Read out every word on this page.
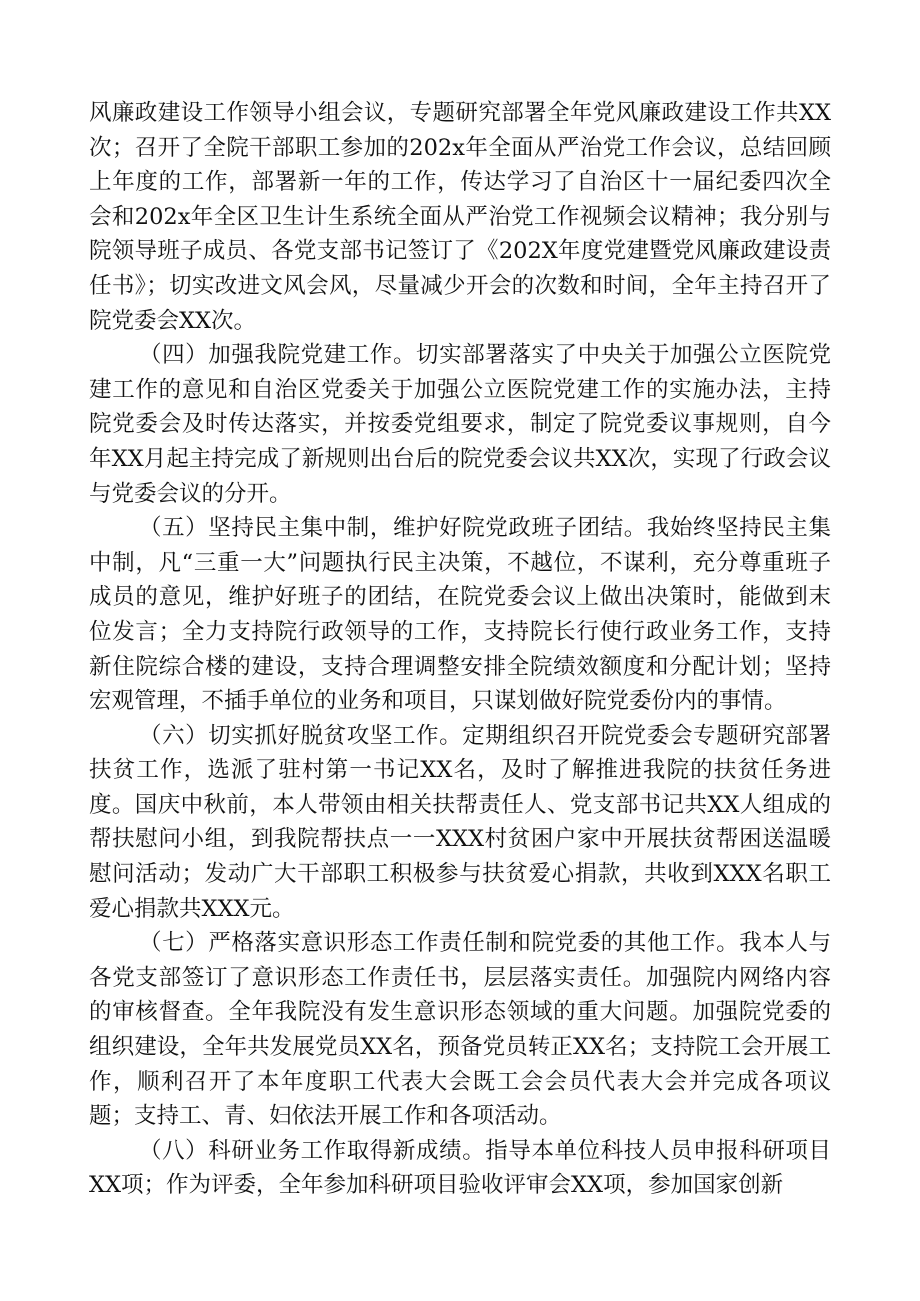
风廉政建设工作领导小组会议，专题研究部署全年党风廉政建设工作共XX次；召开了全院干部职工参加的202x年全面从严治党工作会议，总结回顾上年度的工作，部署新一年的工作，传达学习了自治区十一届纪委四次全会和202x年全区卫生计生系统全面从严治党工作视频会议精神；我分别与院领导班子成员、各党支部书记签订了《202X年度党建暨党风廉政建设责任书》；切实改进文风会风，尽量减少开会的次数和时间，全年主持召开了院党委会XX次。

（四）加强我院党建工作。切实部署落实了中央关于加强公立医院党建工作的意见和自治区党委关于加强公立医院党建工作的实施办法，主持院党委会及时传达落实，并按委党组要求，制定了院党委议事规则，自今年XX月起主持完成了新规则出台后的院党委会议共XX次，实现了行政会议与党委会议的分开。

（五）坚持民主集中制，维护好院党政班子团结。我始终坚持民主集中制，凡“三重一大”问题执行民主决策，不越位，不谋利，充分尊重班子成员的意见，维护好班子的团结，在院党委会议上做出决策时，能做到末位发言；全力支持院行政领导的工作，支持院长行使行政业务工作，支持新住院综合楼的建设，支持合理调整安排全院绩效额度和分配计划；坚持宏观管理，不插手单位的业务和项目，只谋划做好院党委份内的事情。

（六）切实抓好脱贫攻坚工作。定期组织召开院党委会专题研究部署扶贫工作，选派了驻村第一书记XX名，及时了解推进我院的扶贫任务进度。国庆中秋前，本人带领由相关扶帮责任人、党支部书记共XX人组成的帮扶慰问小组，到我院帮扶点一一XXX村贫困户家中开展扶贫帮困送温暖慰问活动；发动广大干部职工积极参与扶贫爱心捐款，共收到XXX名职工爱心捐款共XXX元。

（七）严格落实意识形态工作责任制和院党委的其他工作。我本人与各党支部签订了意识形态工作责任书，层层落实责任。加强院内网络内容的审核督查。全年我院没有发生意识形态领域的重大问题。加强院党委的组织建设，全年共发展党员XX名，预备党员转正XX名；支持院工会开展工作，顺利召开了本年度职工代表大会既工会会员代表大会并完成各项议题；支持工、青、妇依法开展工作和各项活动。

（八）科研业务工作取得新成绩。指导本单位科技人员申报科研项目XX项；作为评委，全年参加科研项目验收评审会XX项，参加国家创新
